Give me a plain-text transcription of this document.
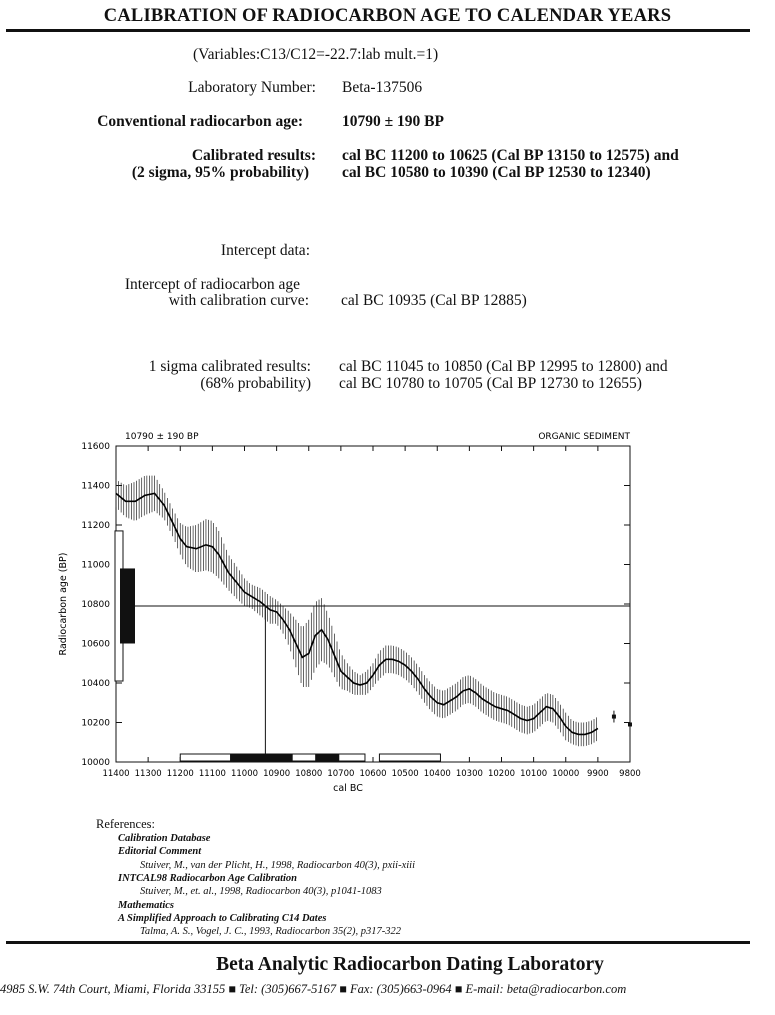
CALIBRATION OF RADIOCARBON AGE TO CALENDAR YEARS
(Variables:C13/C12=-22.7:lab mult.=1)
Laboratory Number: Beta-137506
Conventional radiocarbon age:	10790 ± 190 BP
Calibrated results:
(2 sigma, 95% probability)
cal BC 11200 to 10625 (Cal BP 13150 to 12575) and
cal BC 10580 to 10390 (Cal BP 12530 to 12340)
Intercept data:
Intercept of radiocarbon age
with calibration curve: cal BC 10935 (Cal BP 12885)
1 sigma calibrated results:
(68% probability)
cal BC 11045 to 10850 (Cal BP 12995 to 12800) and
cal BC 10780 to 10705 (Cal BP 12730 to 12655)
10790 ± 190 BP	ORGANIC SEDIMENT
cal BC
Radiocarbon age (BP)
11600
11400
11200
11000
10800
10600
10400
10200
10000
11400 11300 11200 11100 11000 10900 10800 10700 10600 10500 10400 10300 10200 10100 10000 9900 9800
References:
Calibration Database
Editorial Comment
Stuiver, M., van der Plicht, H., 1998, Radiocarbon 40(3), pxii-xiii
INTCAL98 Radiocarbon Age Calibration
Stuiver, M., et. al., 1998, Radiocarbon 40(3), p1041-1083
Mathematics
A Simplified Approach to Calibrating C14 Dates
Talma, A. S., Vogel, J. C., 1993, Radiocarbon 35(2), p317-322
Beta Analytic Radiocarbon Dating Laboratory
4985 S.W. 74th Court, Miami, Florida 33155 ■ Tel: (305)667-5167 ■ Fax: (305)663-0964 ■ E-mail: beta@radiocarbon.com
